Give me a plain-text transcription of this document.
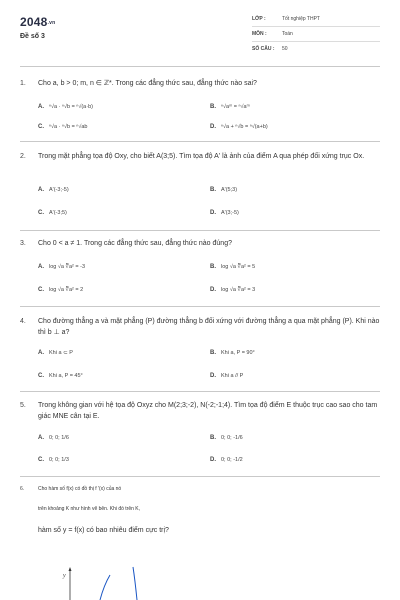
2048.vn
Đề số 3
LỚP :	Tốt nghiệp THPT
MÔN :	Toán
SỐ CÂU : 50
1.	Cho a, b > 0; m, n ∈ ℤ*. Trong các đẳng thức sau, đẳng thức nào sai?
A. ⁿ√a · ⁿ√b = ⁿ√(a·b)	B. ⁿ√aᵐ = ⁿ√aᵐ
C. ⁿ√a · ⁿ√b = ⁿ√ab	D. ⁿ√a + ⁿ√b = ⁿ√(a+b)
2.	Trong mặt phẳng tọa độ Oxy, cho biết A(3;5). Tìm tọa độ A' là ảnh của điểm A qua phép đối xứng trục Ox.
A. A'(-3;-5)	B. A'(5;3)
C. A'(-3;5)	D. A'(3;-5)
3.	Cho 0 < a ≠ 1. Trong các đẳng thức sau, đẳng thức nào đúng?
A. log √a ∛a² = -3	B. log √a ∛a² = 5
C. log √a ∛a² = 2	D. log √a ∛a² = 3
4.	Cho đường thẳng a và mặt phẳng (P) đường thẳng b đối xứng với đường thẳng a qua mặt phẳng (P). Khi nào thì b ⊥ a?
A. Khi a ⊂ P	B. Khi a, P = 90°
C. Khi a, P = 45°	D. Khi a // P
5.	Trong không gian với hệ tọa độ Oxyz cho M(2;3;-2), N(-2;-1;4). Tìm tọa độ điểm E thuộc trục cao sao cho tam giác MNE cân tại E.
A. 0; 0; 1/6	B. 0; 0; -1/6
C. 0; 0; 1/3	D. 0; 0; -1/2
6.	Cho hàm số f(x) có đồ thị f '(x) của nó
trên khoảng K như hình vẽ bên. Khi đó trên K,
hàm số y = f(x) có bao nhiêu điểm cực trị?
y
